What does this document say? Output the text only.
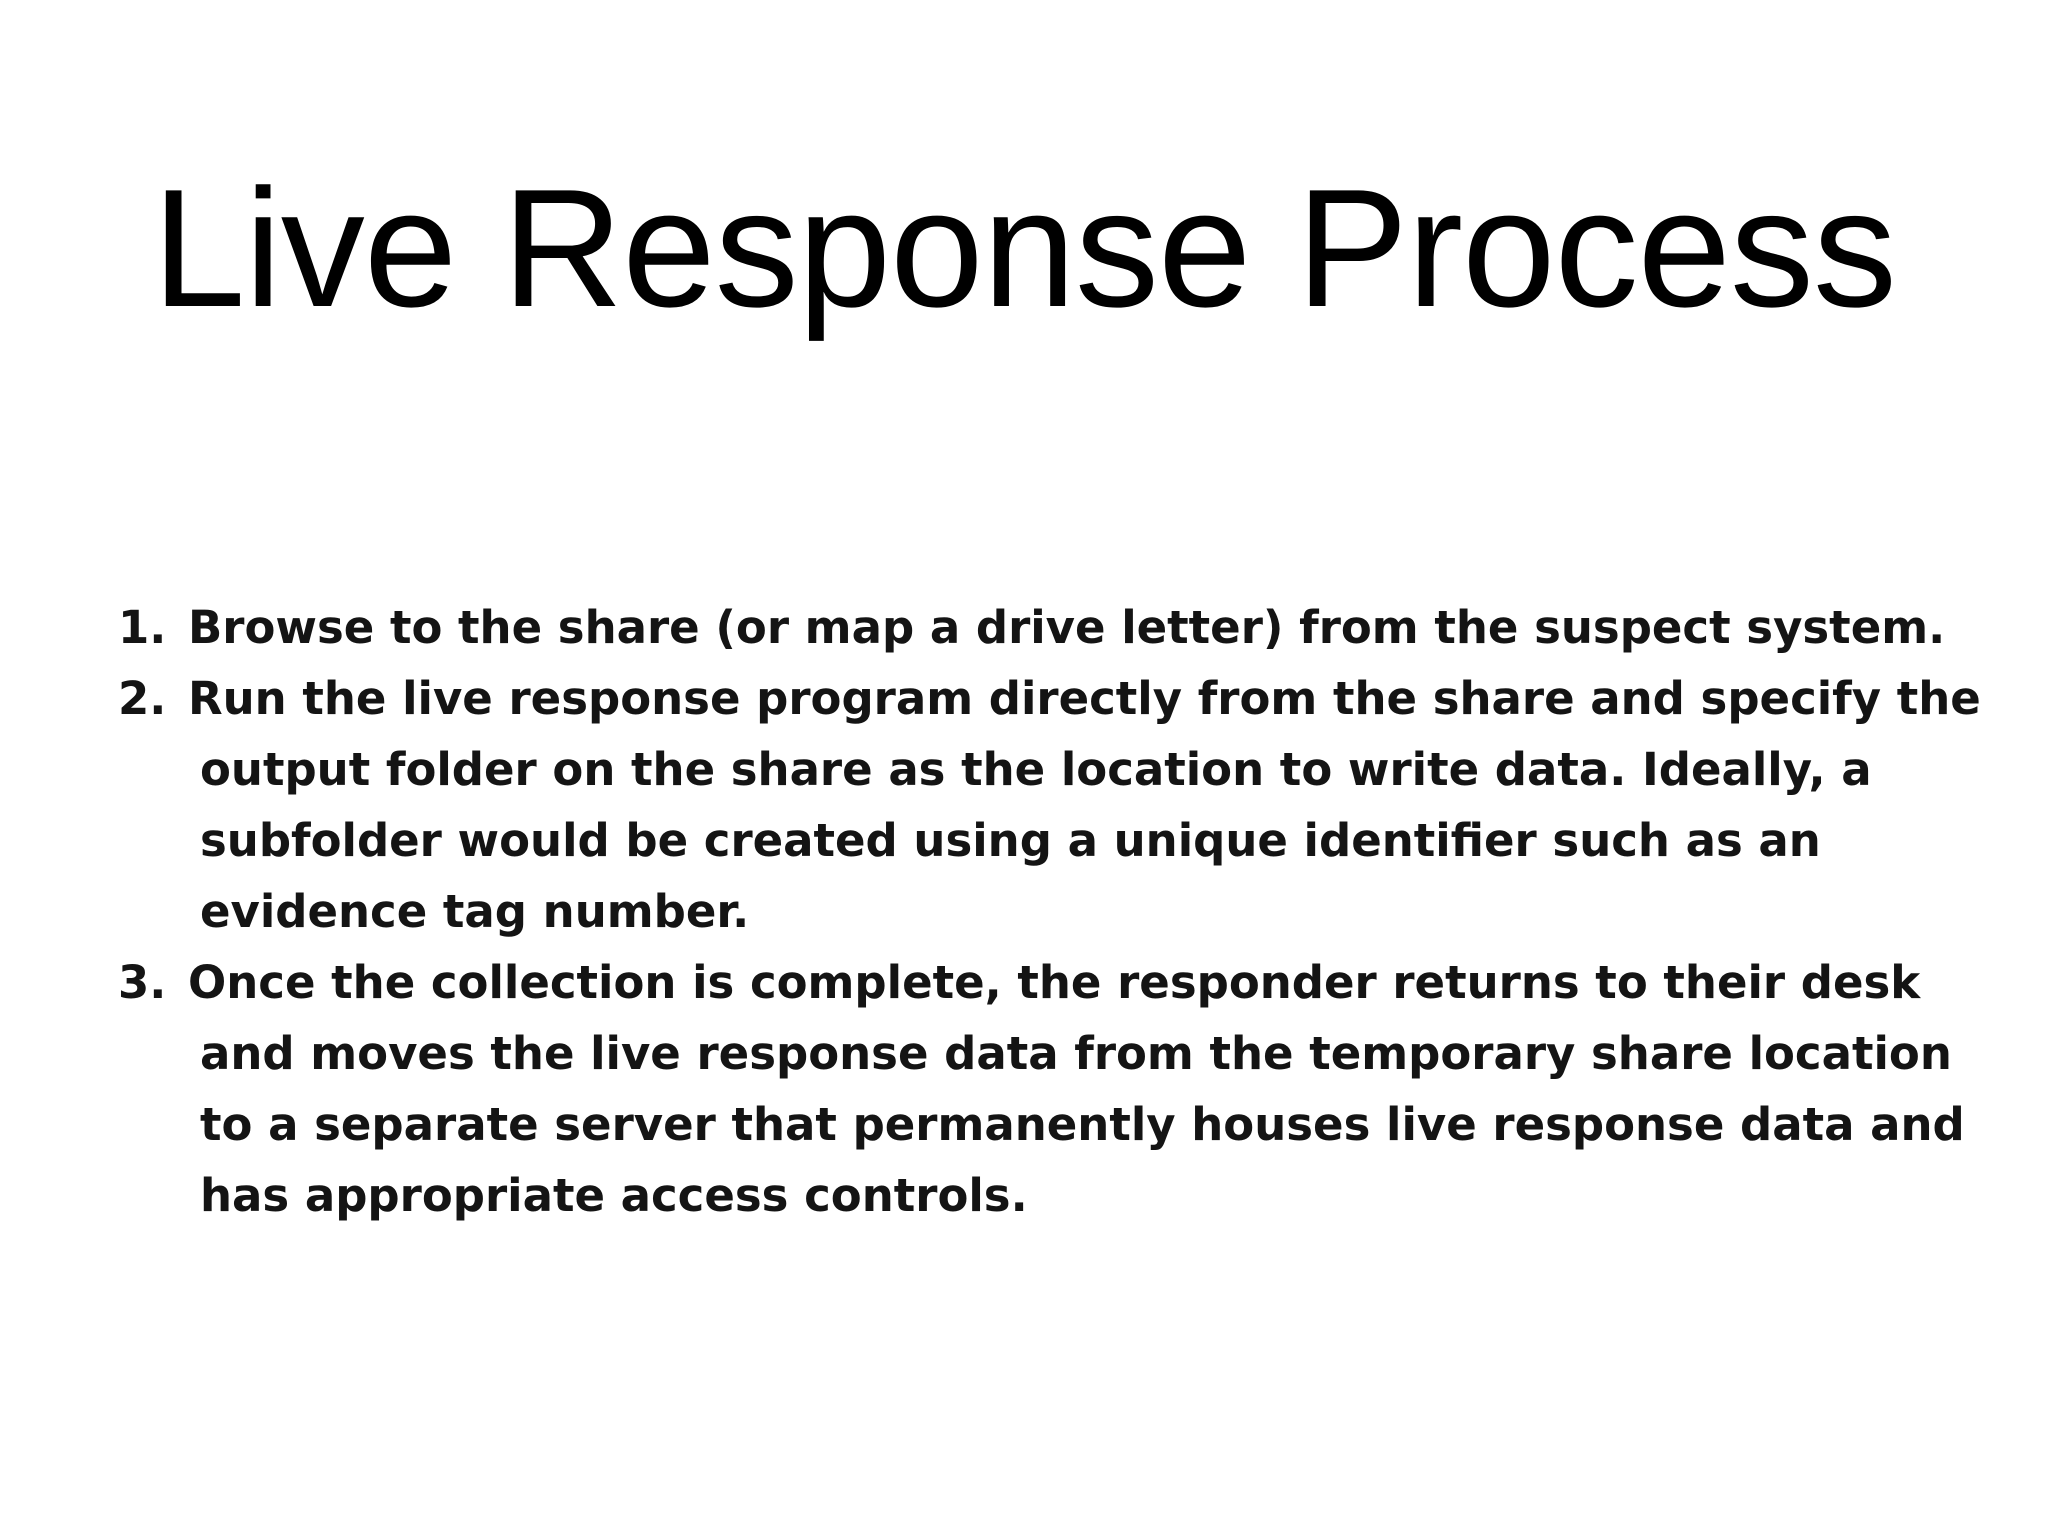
Live Response Process
1. Browse to the share (or map a drive letter) from the suspect system.
2. Run the live response program directly from the share and specify the output folder on the share as the location to write data. Ideally, a subfolder would be created using a unique identifier such as an evidence tag number.
3. Once the collection is complete, the responder returns to their desk and moves the live response data from the temporary share location to a separate server that permanently houses live response data and has appropriate access controls.
